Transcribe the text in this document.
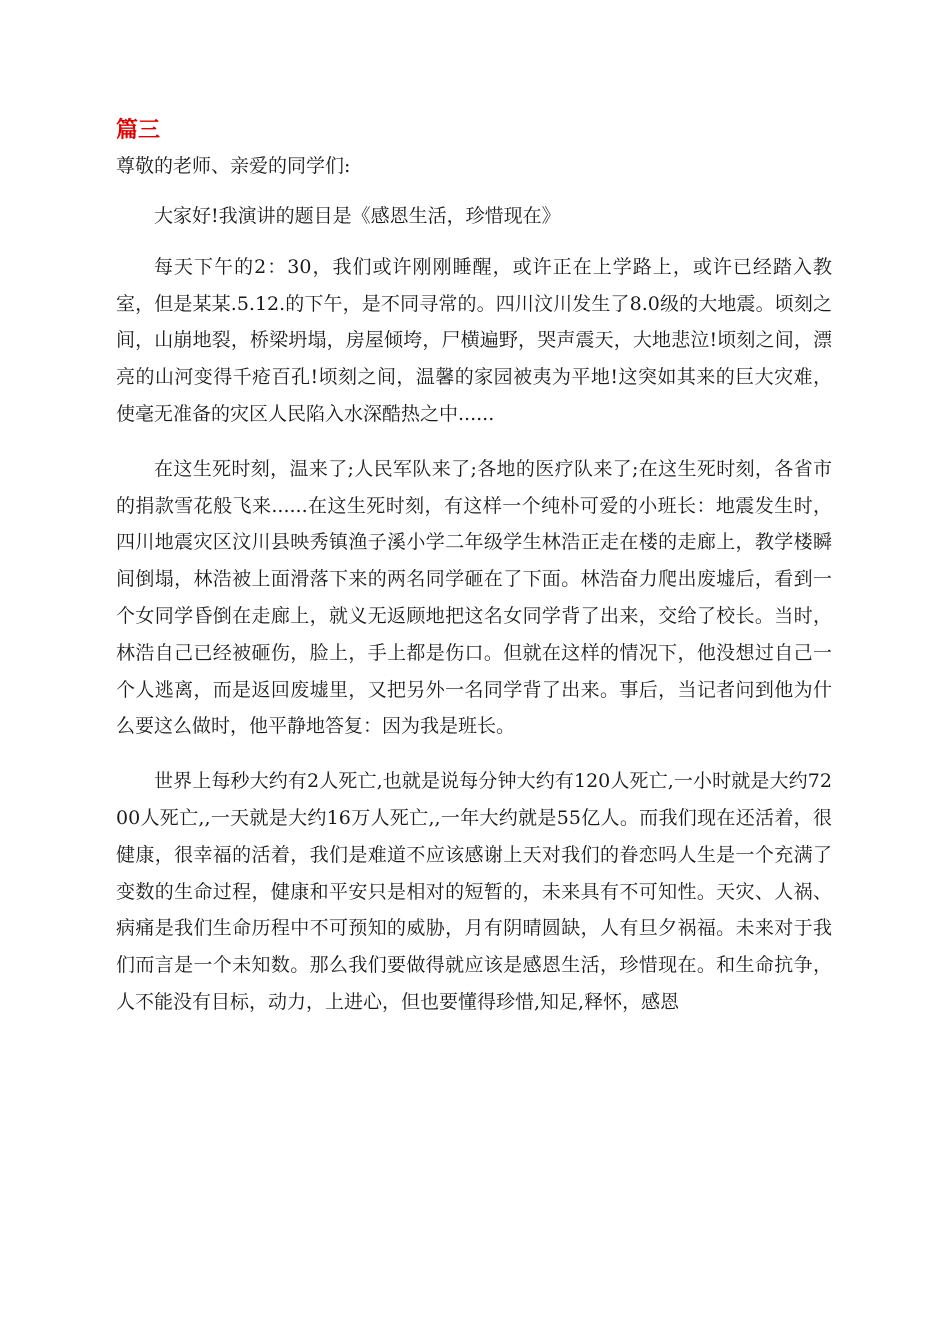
篇三
尊敬的老师、亲爱的同学们:

大家好!我演讲的题目是《感恩生活，珍惜现在》

每天下午的2：30，我们或许刚刚睡醒，或许正在上学路上，或许已经踏入教室，但是某某.5.12.的下午，是不同寻常的。四川汶川发生了8.0级的大地震。顷刻之间，山崩地裂，桥梁坍塌，房屋倾垮，尸横遍野，哭声震天，大地悲泣!顷刻之间，漂亮的山河变得千疮百孔!顷刻之间，温馨的家园被夷为平地!这突如其来的巨大灾难，使毫无准备的灾区人民陷入水深酷热之中......

在这生死时刻，温来了;人民军队来了;各地的医疗队来了;在这生死时刻，各省市的捐款雪花般飞来......在这生死时刻，有这样一个纯朴可爱的小班长：地震发生时，四川地震灾区汶川县映秀镇渔子溪小学二年级学生林浩正走在楼的走廊上，教学楼瞬间倒塌，林浩被上面滑落下来的两名同学砸在了下面。林浩奋力爬出废墟后，看到一个女同学昏倒在走廊上，就义无返顾地把这名女同学背了出来，交给了校长。当时，林浩自己已经被砸伤，脸上，手上都是伤口。但就在这样的情况下，他没想过自己一个人逃离，而是返回废墟里，又把另外一名同学背了出来。事后，当记者问到他为什么要这么做时，他平静地答复：因为我是班长。

世界上每秒大约有2人死亡,也就是说每分钟大约有120人死亡,一小时就是大约7200人死亡,,一天就是大约16万人死亡,,一年大约就是55亿人。而我们现在还活着，很健康，很幸福的活着，我们是难道不应该感谢上天对我们的眷恋吗人生是一个充满了变数的生命过程，健康和平安只是相对的短暂的，未来具有不可知性。天灾、人祸、病痛是我们生命历程中不可预知的威胁，月有阴晴圆缺，人有旦夕祸福。未来对于我们而言是一个未知数。那么我们要做得就应该是感恩生活，珍惜现在。和生命抗争，人不能没有目标，动力，上进心，但也要懂得珍惜,知足,释怀，感恩
